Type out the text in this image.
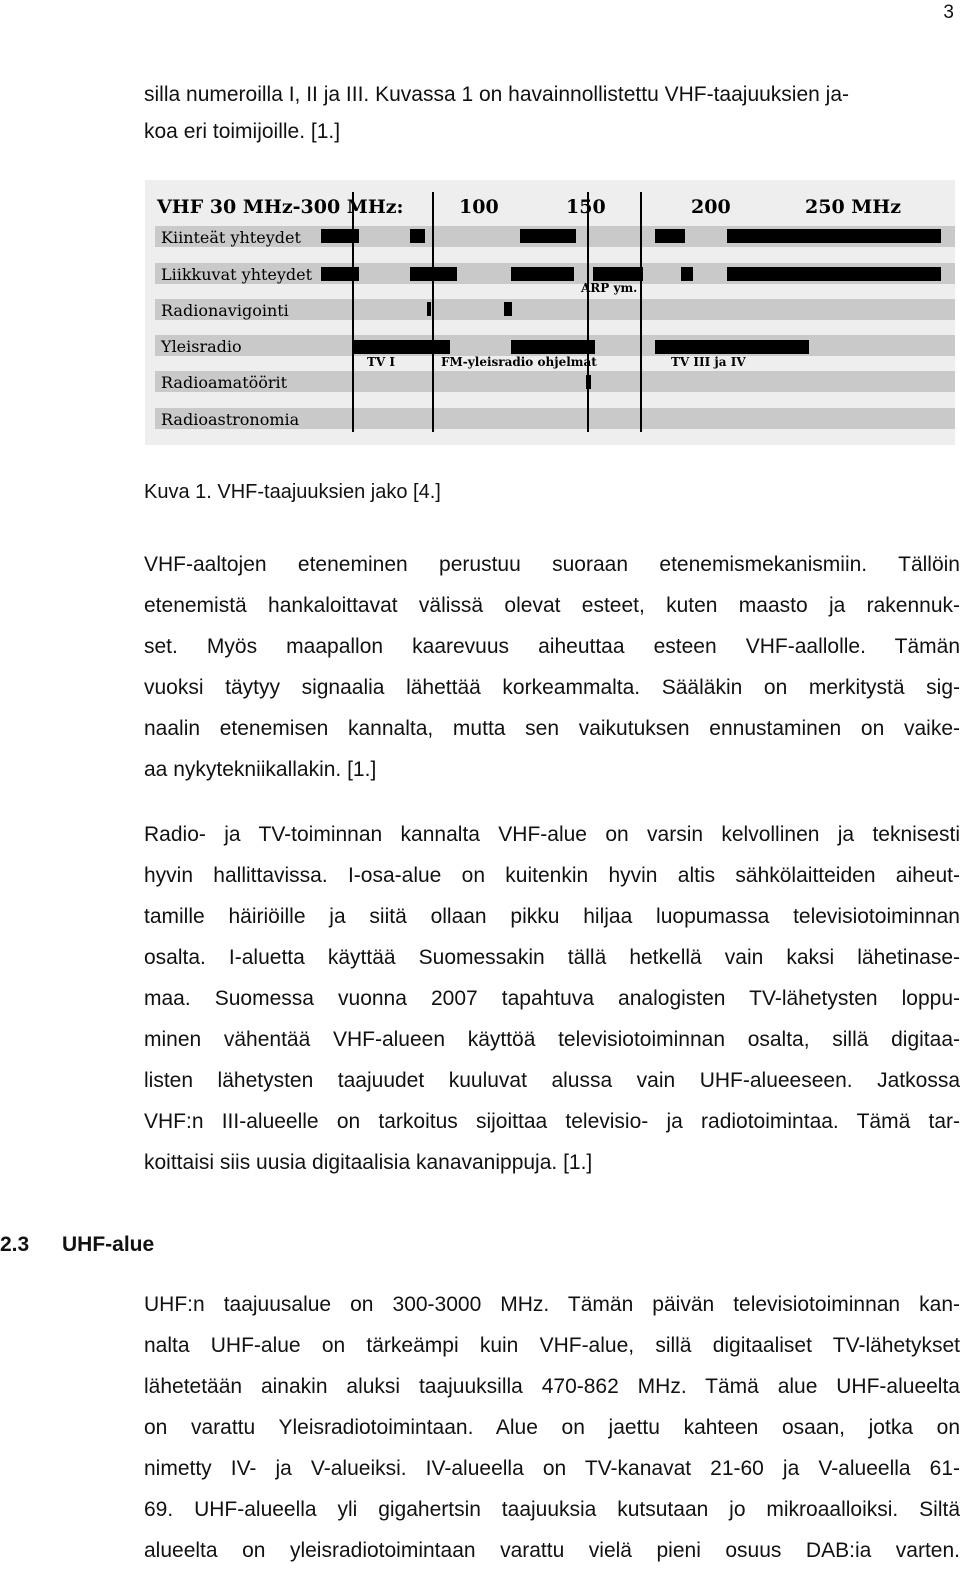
3
silla numeroilla I, II ja III. Kuvassa 1 on havainnollistettu VHF-taajuuksien ja-
koa eri toimijoille. [1.]
VHF 30 MHz-300 MHz:	100	150	200	250 MHz
Kiinteät yhteydet
Liikkuvat yhteydet
Radionavigointi
Yleisradio
Radioamatöörit
Radioastronomia
ARP ym.
TV I	FM-yleisradio ohjelmat	TV III ja IV
Kuva 1. VHF-taajuuksien jako [4.]
VHF-aaltojen eteneminen perustuu suoraan etenemismekanismiin. Tällöin
etenemistä hankaloittavat välissä olevat esteet, kuten maasto ja rakennuk-
set. Myös maapallon kaarevuus aiheuttaa esteen VHF-aallolle. Tämän
vuoksi täytyy signaalia lähettää korkeammalta. Sääläkin on merkitystä sig-
naalin etenemisen kannalta, mutta sen vaikutuksen ennustaminen on vaike-
aa nykytekniikallakin. [1.]
Radio- ja TV-toiminnan kannalta VHF-alue on varsin kelvollinen ja teknisesti
hyvin hallittavissa. I-osa-alue on kuitenkin hyvin altis sähkölaitteiden aiheut-
tamille häiriöille ja siitä ollaan pikku hiljaa luopumassa televisiotoiminnan
osalta. I-aluetta käyttää Suomessakin tällä hetkellä vain kaksi lähetinase-
maa. Suomessa vuonna 2007 tapahtuva analogisten TV-lähetysten loppu-
minen vähentää VHF-alueen käyttöä televisiotoiminnan osalta, sillä digitaa-
listen lähetysten taajuudet kuuluvat alussa vain UHF-alueeseen. Jatkossa
VHF:n III-alueelle on tarkoitus sijoittaa televisio- ja radiotoimintaa. Tämä tar-
koittaisi siis uusia digitaalisia kanavanippuja. [1.]
2.3 UHF-alue
UHF:n taajuusalue on 300-3000 MHz. Tämän päivän televisiotoiminnan kan-
nalta UHF-alue on tärkeämpi kuin VHF-alue, sillä digitaaliset TV-lähetykset
lähetetään ainakin aluksi taajuuksilla 470-862 MHz. Tämä alue UHF-alueelta
on varattu Yleisradiotoimintaan. Alue on jaettu kahteen osaan, jotka on
nimetty IV- ja V-alueiksi. IV-alueella on TV-kanavat 21-60 ja V-alueella 61-
69. UHF-alueella yli gigahertsin taajuuksia kutsutaan jo mikroaalloiksi. Siltä
alueelta on yleisradiotoimintaan varattu vielä pieni osuus DAB:ia varten.
